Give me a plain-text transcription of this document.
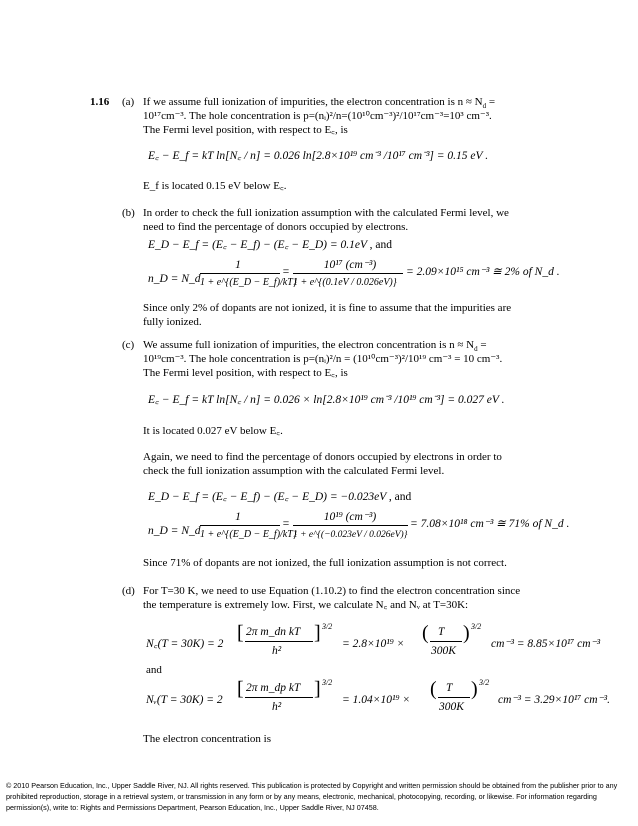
1.16 (a) If we assume full ionization of impurities, the electron concentration is $n \approx N_d$ =
10¹⁷cm⁻³. The hole concentration is p=(nᵢ)²/n=(10¹⁰cm⁻³)²/10¹⁷cm⁻³=10³ cm⁻³.
The Fermi level position, with respect to E꜀, is
E꜀ − E_f = kT ln[N꜀ / n] = 0.026 ln[2.8×10¹⁹ cm⁻³ /10¹⁷ cm⁻³] = 0.15 eV .
E_f is located 0.15 eV below E꜀.
(b) In order to check the full ionization assumption with the calculated Fermi level, we
need to find the percentage of donors occupied by electrons.
E_D − E_f = (E꜀ − E_f) − (E꜀ − E_D) = 0.1eV , and
n_D = N_d
1
1 + e^{(E_D − E_f)/kT}
=
10¹⁷ (cm⁻³)
1 + e^{(0.1eV / 0.026eV)}
= 2.09×10¹⁵ cm⁻³ ≅ 2% of N_d .
Since only 2% of dopants are not ionized, it is fine to assume that the impurities are
fully ionized.
(c) We assume full ionization of impurities, the electron concentration is $n \approx N_d$ =
10¹⁹cm⁻³. The hole concentration is p=(nᵢ)²/n = (10¹⁰cm⁻³)²/10¹⁹ cm⁻³ = 10 cm⁻³.
The Fermi level position, with respect to E꜀, is
E꜀ − E_f = kT ln[N꜀ / n] = 0.026 × ln[2.8×10¹⁹ cm⁻³ /10¹⁹ cm⁻³] = 0.027 eV .
It is located 0.027 eV below E꜀.
Again, we need to find the percentage of donors occupied by electrons in order to
check the full ionization assumption with the calculated Fermi level.
E_D − E_f = (E꜀ − E_f) − (E꜀ − E_D) = −0.023eV , and
n_D = N_d
1
1 + e^{(E_D − E_f)/kT}
=
10¹⁹ (cm⁻³)
1 + e^{(−0.023eV / 0.026eV)}
= 7.08×10¹⁸ cm⁻³ ≅ 71% of N_d .
Since 71% of dopants are not ionized, the full ionization assumption is not correct.
(d) For T=30 K, we need to use Equation (1.10.2) to find the electron concentration since
the temperature is extremely low. First, we calculate N꜀ and Nᵥ at T=30K:
N꜀(T = 30K) = 2 [ 2π m_dn kT
h²
] 3/2
= 2.8×10¹⁹ × ( T
300K
) 3/2
cm⁻³ = 8.85×10¹⁷ cm⁻³
and
Nᵥ(T = 30K) = 2 [ 2π m_dp kT
h²
] 3/2
= 1.04×10¹⁹ × ( T
300K
) 3/2
cm⁻³ = 3.29×10¹⁷ cm⁻³.
The electron concentration is
© 2010 Pearson Education, Inc., Upper Saddle River, NJ. All rights reserved. This publication is protected by Copyright and written permission should be obtained from the publisher prior to any prohibited reproduction, storage in a retrieval system, or transmission in any form or by any means, electronic, mechanical, photocopying, recording, or likewise. For information regarding permission(s), write to: Rights and Permissions Department, Pearson Education, Inc., Upper Saddle River, NJ 07458.
